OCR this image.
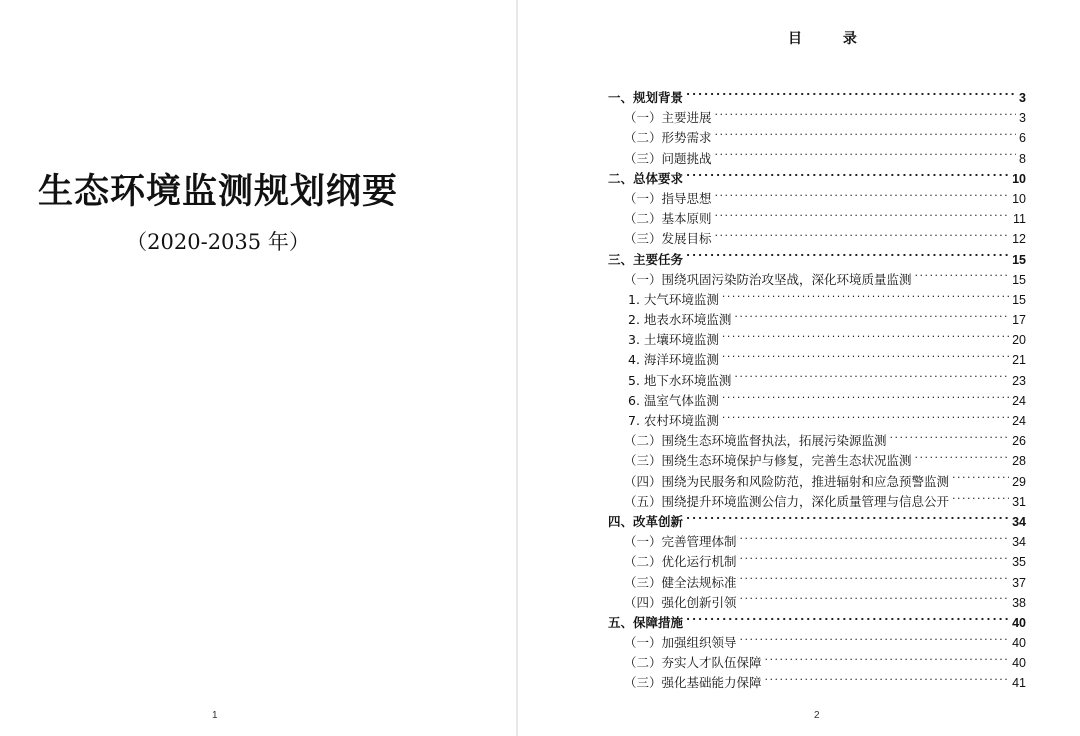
生态环境监测规划纲要
（2020-2035 年）
1
目 录
一、规划背景 . . .	3
（一）主要进展 . . .	3
（二）形势需求 . . .	6
（三）问题挑战 . . .	8
二、总体要求 . . .	10
（一）指导思想 . . .	10
（二）基本原则 . . .	11
（三）发展目标 . . .	12
三、主要任务 . . .	15
（一）围绕巩固污染防治攻坚战，深化环境质量监测 . . .	15
1. 大气环境监测 . . .	15
2. 地表水环境监测 . . .	17
3. 土壤环境监测 . . .	20
4. 海洋环境监测 . . .	21
5. 地下水环境监测 . . .	23
6. 温室气体监测 . . .	24
7. 农村环境监测 . . .	24
（二）围绕生态环境监督执法，拓展污染源监测 . . .	26
（三）围绕生态环境保护与修复，完善生态状况监测 . . .	28
（四）围绕为民服务和风险防范，推进辐射和应急预警监测 . . .	29
（五）围绕提升环境监测公信力，深化质量管理与信息公开 . . .	31
四、改革创新 . . .	34
（一）完善管理体制 . . .	34
（二）优化运行机制 . . .	35
（三）健全法规标准 . . .	37
（四）强化创新引领 . . .	38
五、保障措施 . . .	40
（一）加强组织领导 . . .	40
（二）夯实人才队伍保障 . . .	40
（三）强化基础能力保障 . . .	41
2
